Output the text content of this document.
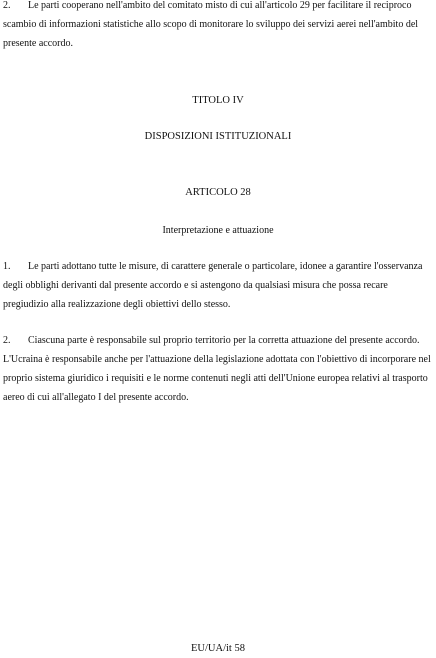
2. Le parti cooperano nell'ambito del comitato misto di cui all'articolo 29 per facilitare il reciproco scambio di informazioni statistiche allo scopo di monitorare lo sviluppo dei servizi aerei nell'ambito del presente accordo.

TITOLO IV

DISPOSIZIONI ISTITUZIONALI

ARTICOLO 28

Interpretazione e attuazione

1. Le parti adottano tutte le misure, di carattere generale o particolare, idonee a garantire l'osservanza degli obblighi derivanti dal presente accordo e si astengono da qualsiasi misura che possa recare pregiudizio alla realizzazione degli obiettivi dello stesso.

2. Ciascuna parte è responsabile sul proprio territorio per la corretta attuazione del presente accordo. L'Ucraina è responsabile anche per l'attuazione della legislazione adottata con l'obiettivo di incorporare nel proprio sistema giuridico i requisiti e le norme contenuti negli atti dell'Unione europea relativi al trasporto aereo di cui all'allegato I del presente accordo.

EU/UA/it 58
